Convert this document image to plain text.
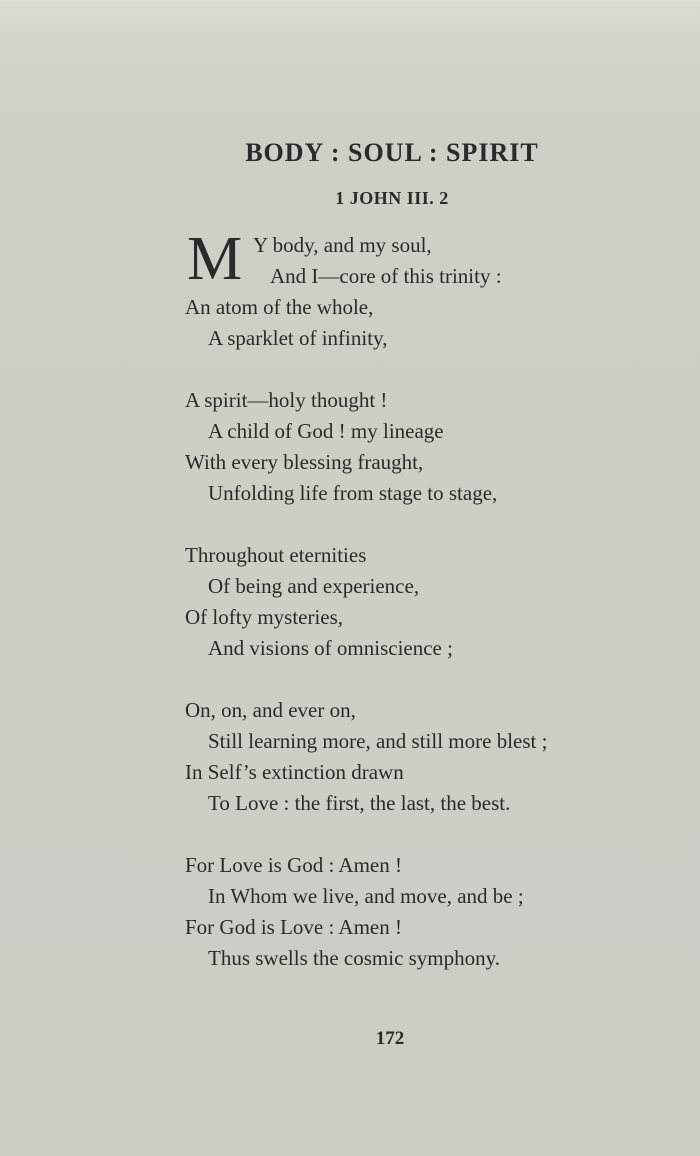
BODY : SOUL : SPIRIT
1 JOHN III. 2
M Y body, and my soul,
And I—core of this trinity :
An atom of the whole,
A sparklet of infinity,
A spirit—holy thought !
A child of God ! my lineage
With every blessing fraught,
Unfolding life from stage to stage,
Throughout eternities
Of being and experience,
Of lofty mysteries,
And visions of omniscience ;
On, on, and ever on,
Still learning more, and still more blest ;
In Self’s extinction drawn
To Love : the first, the last, the best.
For Love is God : Amen !
In Whom we live, and move, and be ;
For God is Love : Amen !
Thus swells the cosmic symphony.
172
